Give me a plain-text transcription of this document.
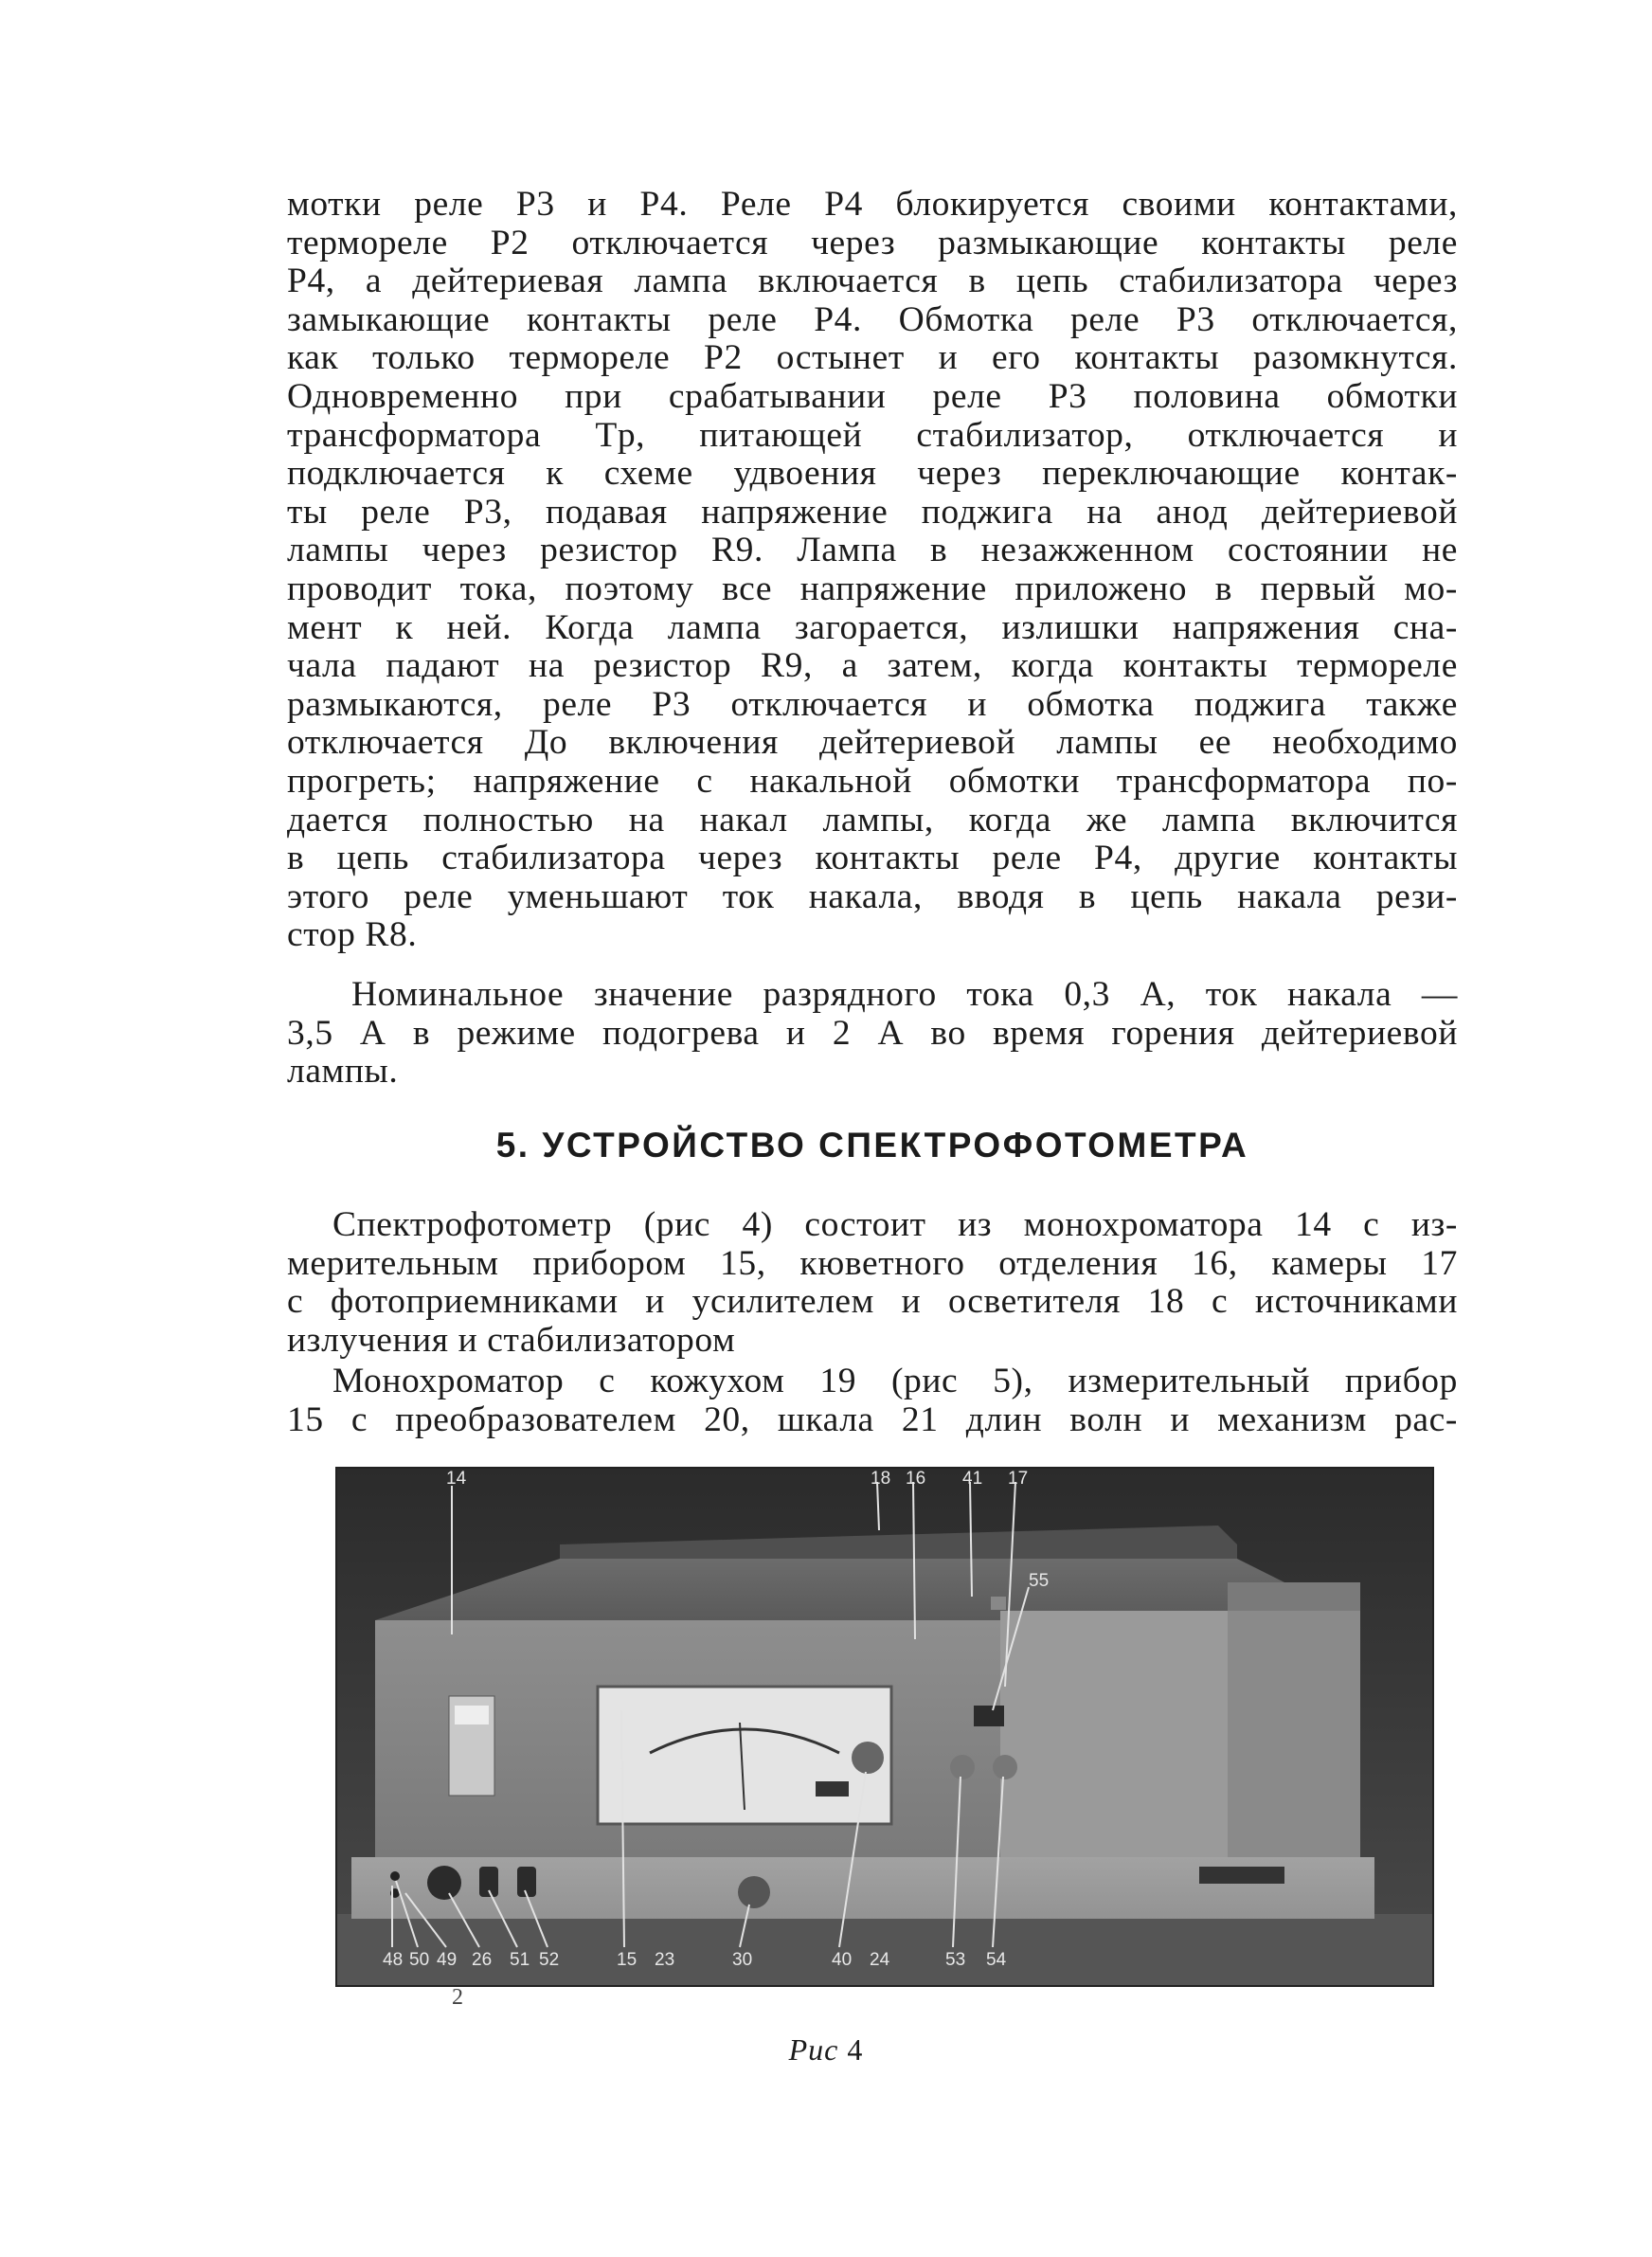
мотки реле P3 и P4. Реле P4 блокируется своими контактами,
термореле P2 отключается через размыкающие контакты реле
P4, а дейтериевая лампа включается в цепь стабилизатора через
замыкающие контакты реле P4. Обмотка реле P3 отключается,
как только термореле P2 остынет и его контакты разомкнутся.
Одновременно при срабатывании реле P3 половина обмотки
трансформатора Tp, питающей стабилизатор, отключается и
подключается к схеме удвоения через переключающие контак-
ты реле P3, подавая напряжение поджига на анод дейтериевой
лампы через резистор R9. Лампа в незажженном состоянии не
проводит тока, поэтому все напряжение приложено в первый мо-
мент к ней. Когда лампа загорается, излишки напряжения сна-
чала падают на резистор R9, а затем, когда контакты термореле
размыкаются, реле P3 отключается и обмотка поджига также
отключается До включения дейтериевой лампы ее необходимо
прогреть; напряжение с накальной обмотки трансформатора по-
дается полностью на накал лампы, когда же лампа включится
в цепь стабилизатора через контакты реле P4, другие контакты
этого реле уменьшают ток накала, вводя в цепь накала рези-
стор R8.
Номинальное значение разрядного тока 0,3 А, ток накала —
3,5 А в режиме подогрева и 2 А во время горения дейтериевой
лампы.
5. УСТРОЙСТВО СПЕКТРОФОТОМЕТРА
Спектрофотометр (рис 4) состоит из монохроматора 14 с из-
мерительным прибором 15, кюветного отделения 16, камеры 17
с фотоприемниками и усилителем и осветителя 18 с источниками
излучения и стабилизатором
Монохроматор с кожухом 19 (рис 5), измерительный прибор
15 с преобразователем 20, шкала 21 длин волн и механизм рас-
14	18 16 41 17
55
48 50 49 26 51 52	15 23	30	40 24	53 54
2
Рис 4
